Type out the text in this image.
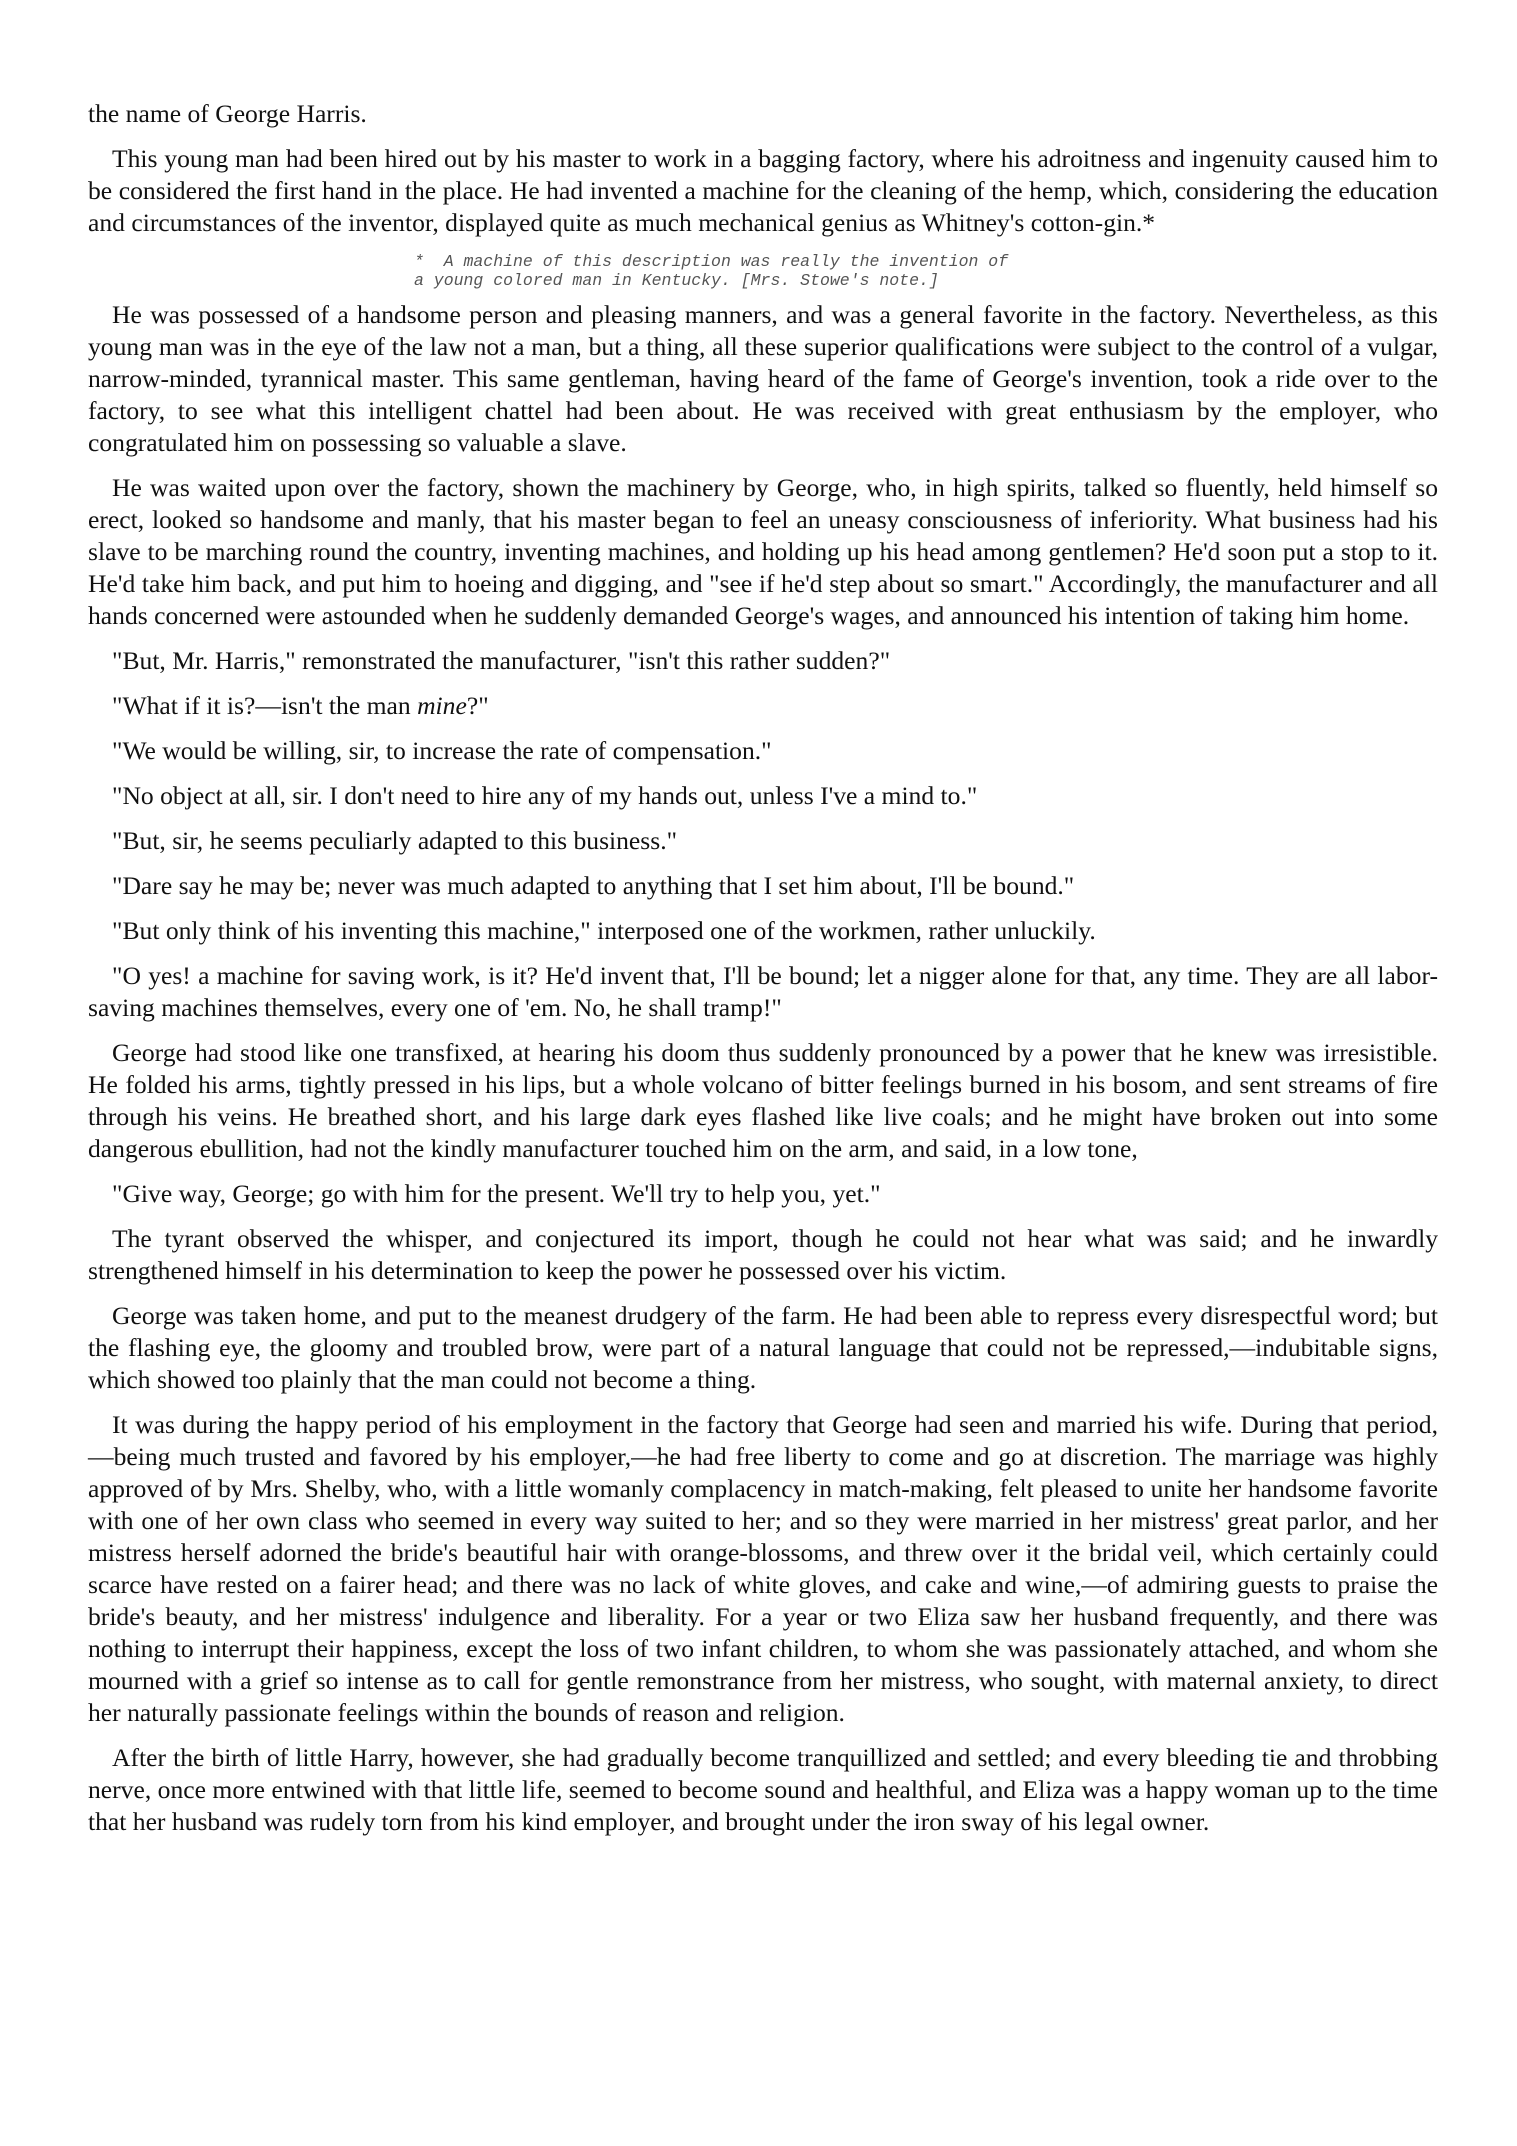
the name of George Harris.

This young man had been hired out by his master to work in a bagging factory, where his adroitness and ingenuity caused him to be considered the first hand in the place. He had invented a machine for the cleaning of the hemp, which, considering the education and circumstances of the inventor, displayed quite as much mechanical genius as Whitney's cotton-gin.*

*  A machine of this description was really the invention of
a young colored man in Kentucky. [Mrs. Stowe's note.]

He was possessed of a handsome person and pleasing manners, and was a general favorite in the factory. Nevertheless, as this young man was in the eye of the law not a man, but a thing, all these superior qualifications were subject to the control of a vulgar, narrow-minded, tyrannical master. This same gentleman, having heard of the fame of George's invention, took a ride over to the factory, to see what this intelligent chattel had been about. He was received with great enthusiasm by the employer, who congratulated him on possessing so valuable a slave.

He was waited upon over the factory, shown the machinery by George, who, in high spirits, talked so fluently, held himself so erect, looked so handsome and manly, that his master began to feel an uneasy consciousness of inferiority. What business had his slave to be marching round the country, inventing machines, and holding up his head among gentlemen? He'd soon put a stop to it. He'd take him back, and put him to hoeing and digging, and "see if he'd step about so smart." Accordingly, the manufacturer and all hands concerned were astounded when he suddenly demanded George's wages, and announced his intention of taking him home.

"But, Mr. Harris," remonstrated the manufacturer, "isn't this rather sudden?"

"What if it is?—isn't the man mine?"

"We would be willing, sir, to increase the rate of compensation."

"No object at all, sir. I don't need to hire any of my hands out, unless I've a mind to."

"But, sir, he seems peculiarly adapted to this business."

"Dare say he may be; never was much adapted to anything that I set him about, I'll be bound."

"But only think of his inventing this machine," interposed one of the workmen, rather unluckily.

"O yes! a machine for saving work, is it? He'd invent that, I'll be bound; let a nigger alone for that, any time. They are all labor-saving machines themselves, every one of 'em. No, he shall tramp!"

George had stood like one transfixed, at hearing his doom thus suddenly pronounced by a power that he knew was irresistible. He folded his arms, tightly pressed in his lips, but a whole volcano of bitter feelings burned in his bosom, and sent streams of fire through his veins. He breathed short, and his large dark eyes flashed like live coals; and he might have broken out into some dangerous ebullition, had not the kindly manufacturer touched him on the arm, and said, in a low tone,

"Give way, George; go with him for the present. We'll try to help you, yet."

The tyrant observed the whisper, and conjectured its import, though he could not hear what was said; and he inwardly strengthened himself in his determination to keep the power he possessed over his victim.

George was taken home, and put to the meanest drudgery of the farm. He had been able to repress every disrespectful word; but the flashing eye, the gloomy and troubled brow, were part of a natural language that could not be repressed,—indubitable signs, which showed too plainly that the man could not become a thing.

It was during the happy period of his employment in the factory that George had seen and married his wife. During that period,—being much trusted and favored by his employer,—he had free liberty to come and go at discretion. The marriage was highly approved of by Mrs. Shelby, who, with a little womanly complacency in match-making, felt pleased to unite her handsome favorite with one of her own class who seemed in every way suited to her; and so they were married in her mistress' great parlor, and her mistress herself adorned the bride's beautiful hair with orange-blossoms, and threw over it the bridal veil, which certainly could scarce have rested on a fairer head; and there was no lack of white gloves, and cake and wine,—of admiring guests to praise the bride's beauty, and her mistress' indulgence and liberality. For a year or two Eliza saw her husband frequently, and there was nothing to interrupt their happiness, except the loss of two infant children, to whom she was passionately attached, and whom she mourned with a grief so intense as to call for gentle remonstrance from her mistress, who sought, with maternal anxiety, to direct her naturally passionate feelings within the bounds of reason and religion.

After the birth of little Harry, however, she had gradually become tranquillized and settled; and every bleeding tie and throbbing nerve, once more entwined with that little life, seemed to become sound and healthful, and Eliza was a happy woman up to the time that her husband was rudely torn from his kind employer, and brought under the iron sway of his legal owner.
